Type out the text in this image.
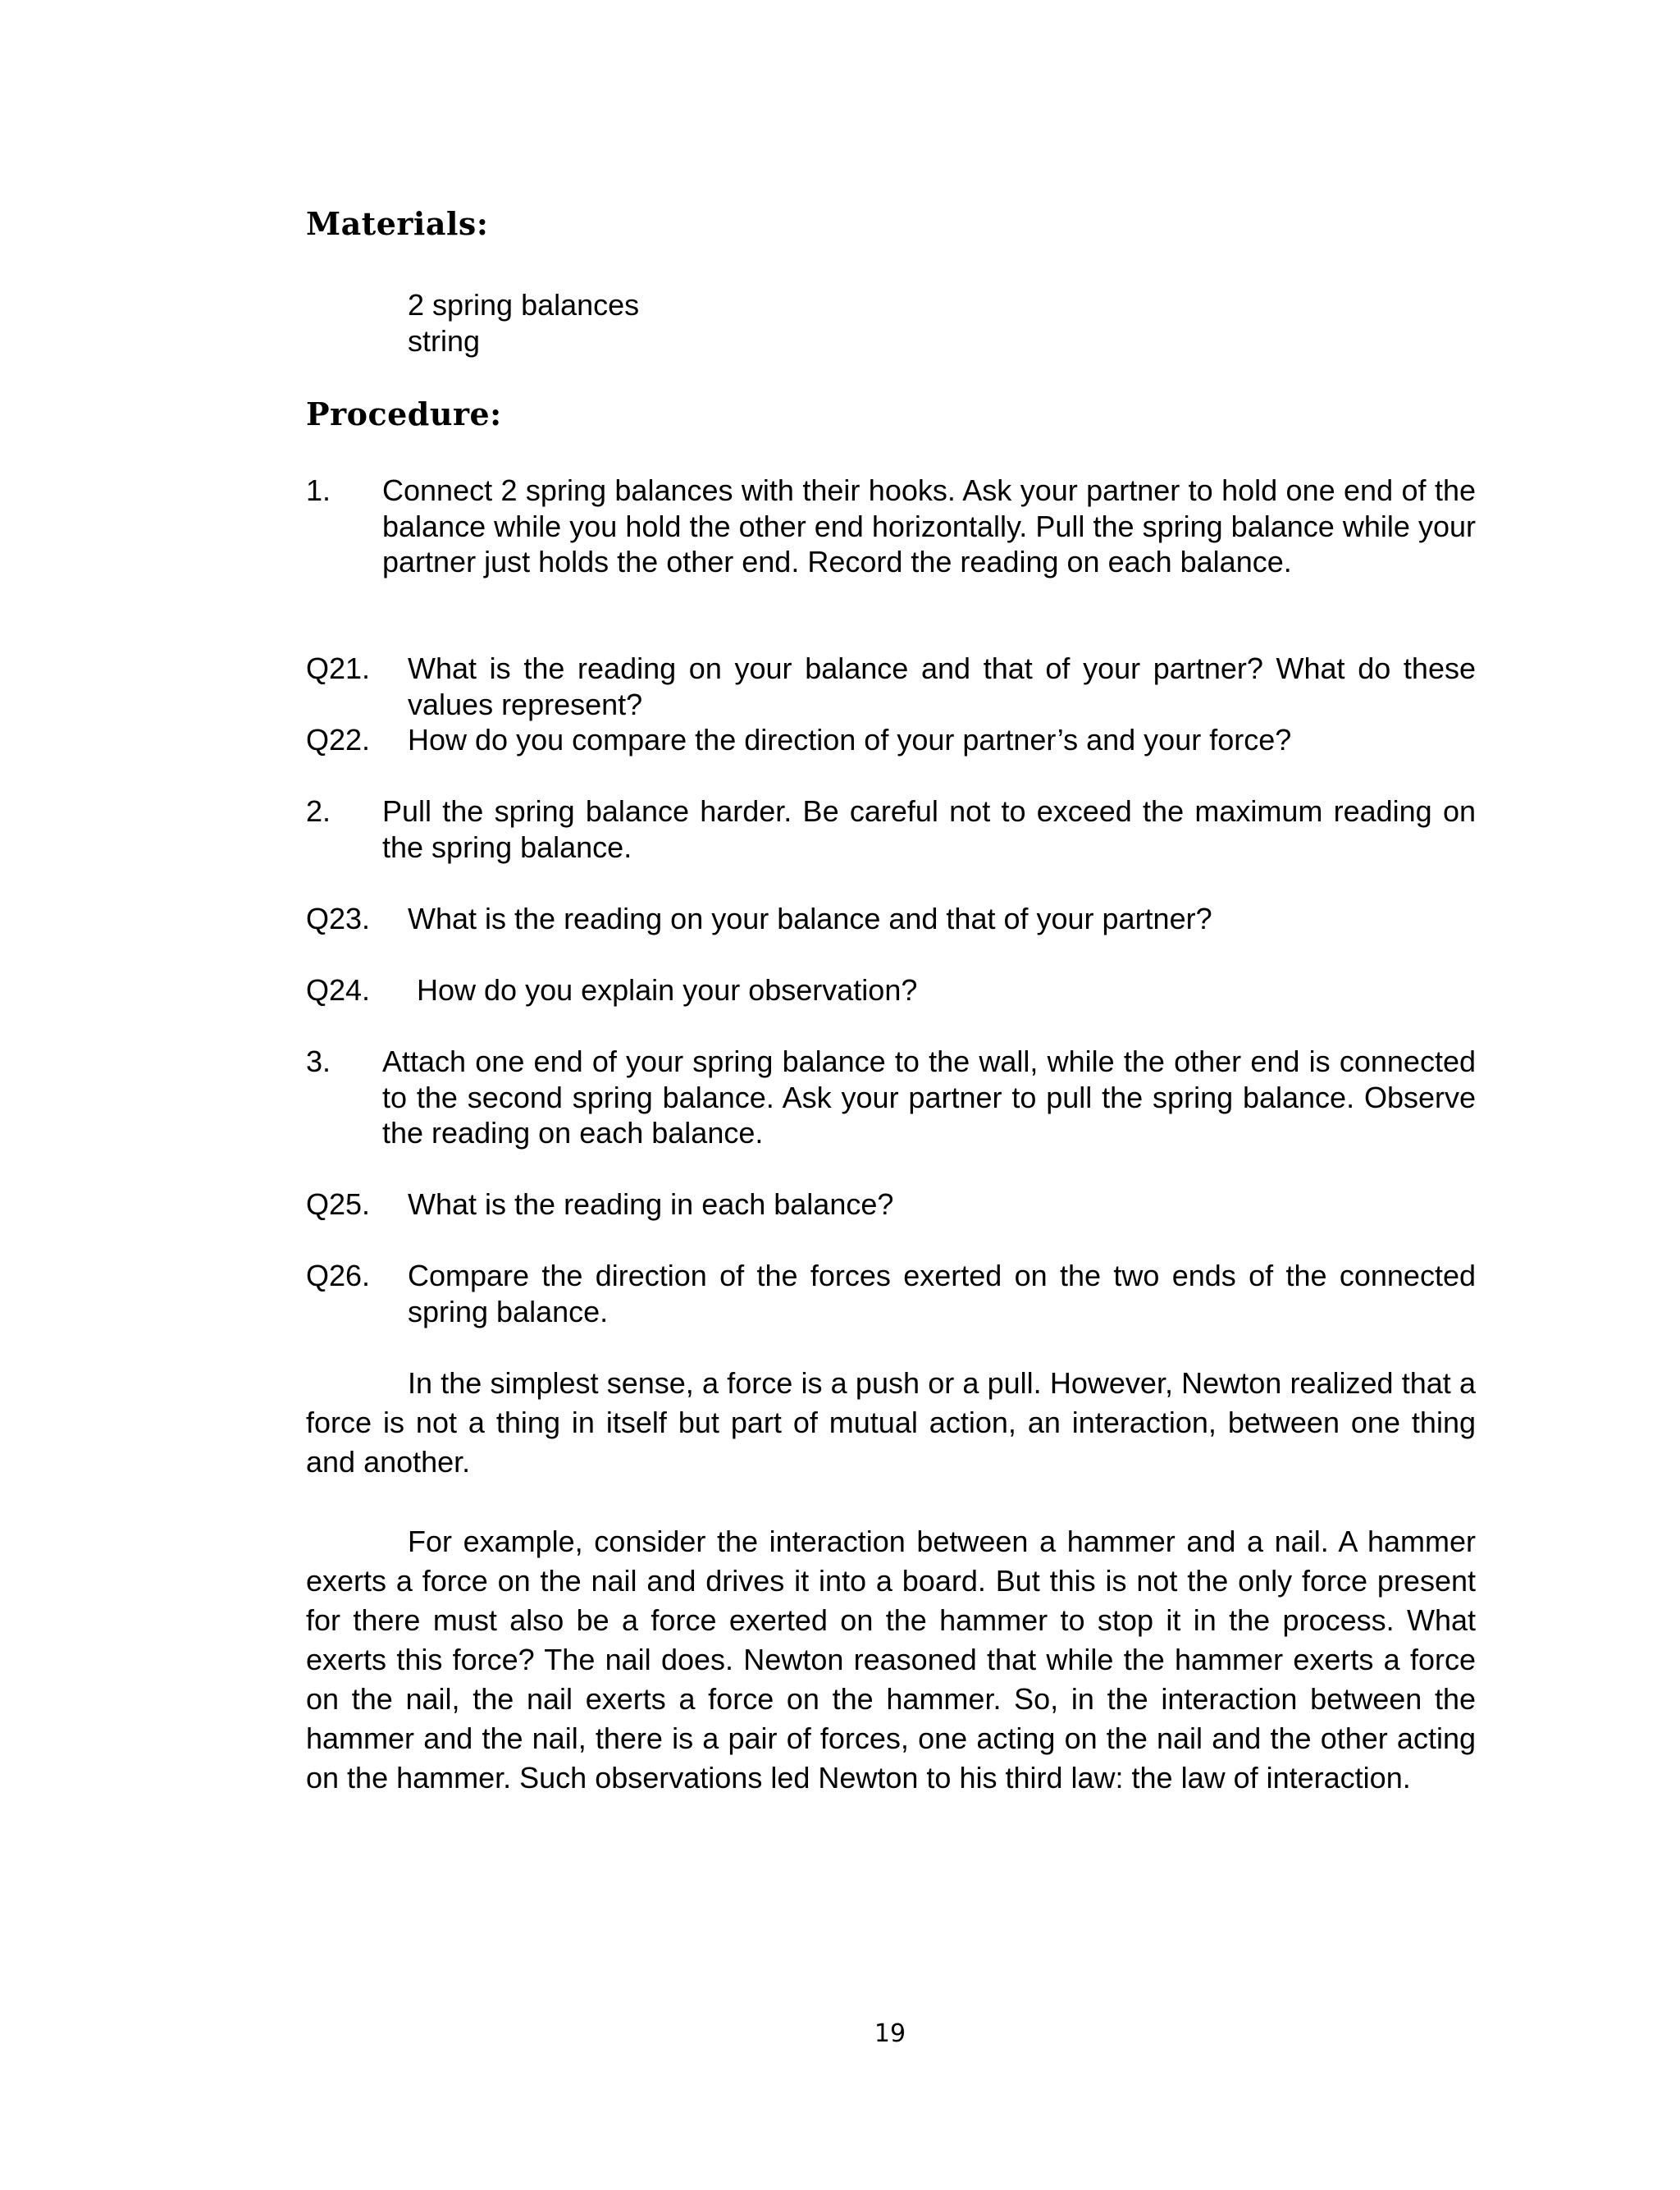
Materials:
2 spring balances
string
Procedure:
1. Connect 2 spring balances with their hooks. Ask your partner to hold one end of the balance while you hold the other end horizontally. Pull the spring balance while your partner just holds the other end. Record the reading on each balance.
Q21. What is the reading on your balance and that of your partner? What do these values represent?
Q22. How do you compare the direction of your partner’s and your force?
2. Pull the spring balance harder. Be careful not to exceed the maximum reading on the spring balance.
Q23. What is the reading on your balance and that of your partner?
Q24. How do you explain your observation?
3. Attach one end of your spring balance to the wall, while the other end is connected to the second spring balance. Ask your partner to pull the spring balance. Observe the reading on each balance.
Q25. What is the reading in each balance?
Q26. Compare the direction of the forces exerted on the two ends of the connected spring balance.
In the simplest sense, a force is a push or a pull. However, Newton realized that a force is not a thing in itself but part of mutual action, an interaction, between one thing and another.
For example, consider the interaction between a hammer and a nail. A hammer exerts a force on the nail and drives it into a board. But this is not the only force present for there must also be a force exerted on the hammer to stop it in the process. What exerts this force? The nail does. Newton reasoned that while the hammer exerts a force on the nail, the nail exerts a force on the hammer. So, in the interaction between the hammer and the nail, there is a pair of forces, one acting on the nail and the other acting on the hammer. Such observations led Newton to his third law: the law of interaction.
19
